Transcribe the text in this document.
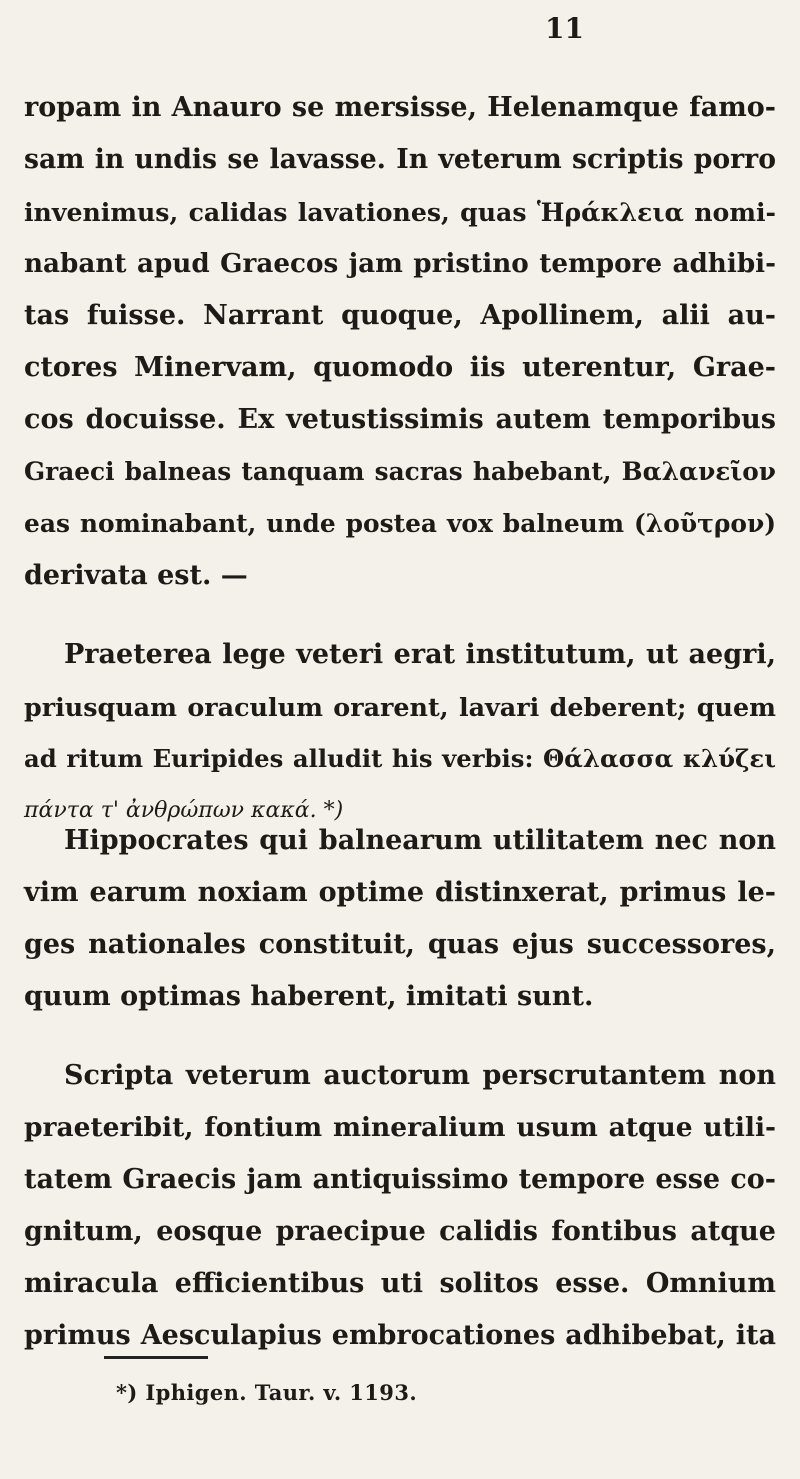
11
ropam in Anauro se mersisse, Helenamque famo-
sam in undis se lavasse. In veterum scriptis porro
invenimus, calidas lavationes, quas Ἡράκλεια nomi-
nabant apud Graecos jam pristino tempore adhibi-
tas fuisse. Narrant quoque, Apollinem, alii au-
ctores Minervam, quomodo iis uterentur, Grae-
cos docuisse. Ex vetustissimis autem temporibus
Graeci balneas tanquam sacras habebant, Βαλανεῖον
eas nominabant, unde postea vox balneum (λοῦτρον)
derivata est. —
Praeterea lege veteri erat institutum, ut aegri,
priusquam oraculum orarent, lavari deberent; quem
ad ritum Euripides alludit his verbis: Θάλασσα κλύζει
πάντα τ' ἀνθρώπων κακά. *)
Hippocrates qui balnearum utilitatem nec non
vim earum noxiam optime distinxerat, primus le-
ges nationales constituit, quas ejus successores,
quum optimas haberent, imitati sunt.
Scripta veterum auctorum perscrutantem non
praeteribit, fontium mineralium usum atque utili-
tatem Graecis jam antiquissimo tempore esse co-
gnitum, eosque praecipue calidis fontibus atque
miracula efficientibus uti solitos esse. Omnium
primus Aesculapius embrocationes adhibebat, ita
*) Iphigen. Taur. v. 1193.
